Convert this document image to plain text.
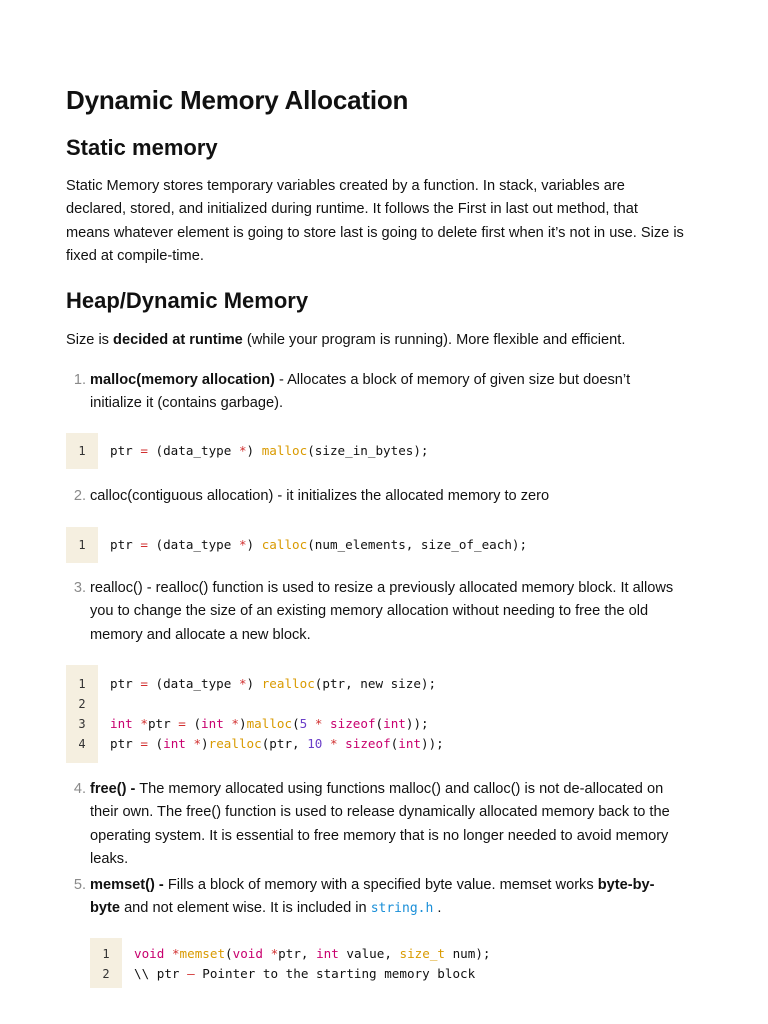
Dynamic Memory Allocation
Static memory
Static Memory stores temporary variables created by a function. In stack, variables are
declared, stored, and initialized during runtime. It follows the First in last out method, that
means whatever element is going to store last is going to delete first when it’s not in use. Size is
fixed at compile-time.
Heap/Dynamic Memory
Size is decided at runtime (while your program is running). More flexible and efficient.
1. malloc(memory allocation) - Allocates a block of memory of given size but doesn’t
initialize it (contains garbage).
1	ptr = (data_type *) malloc(size_in_bytes);
2. calloc(contiguous allocation) - it initializes the allocated memory to zero
1	ptr = (data_type *) calloc(num_elements, size_of_each);
3. realloc() - realloc() function is used to resize a previously allocated memory block. It allows
you to change the size of an existing memory allocation without needing to free the old
memory and allocate a new block.
1	ptr = (data_type *) realloc(ptr, new size);
2
3	int *ptr = (int *)malloc(5 * sizeof(int));
4	ptr = (int *)realloc(ptr, 10 * sizeof(int));
4. free() - The memory allocated using functions malloc() and calloc() is not de-allocated on
their own. The free() function is used to release dynamically allocated memory back to the
operating system. It is essential to free memory that is no longer needed to avoid memory
leaks.
5. memset() - Fills a block of memory with a specified byte value. memset works byte-by-
byte and not element wise. It is included in string.h .
1	void *memset(void *ptr, int value, size_t num);
2	\\ ptr – Pointer to the starting memory block
